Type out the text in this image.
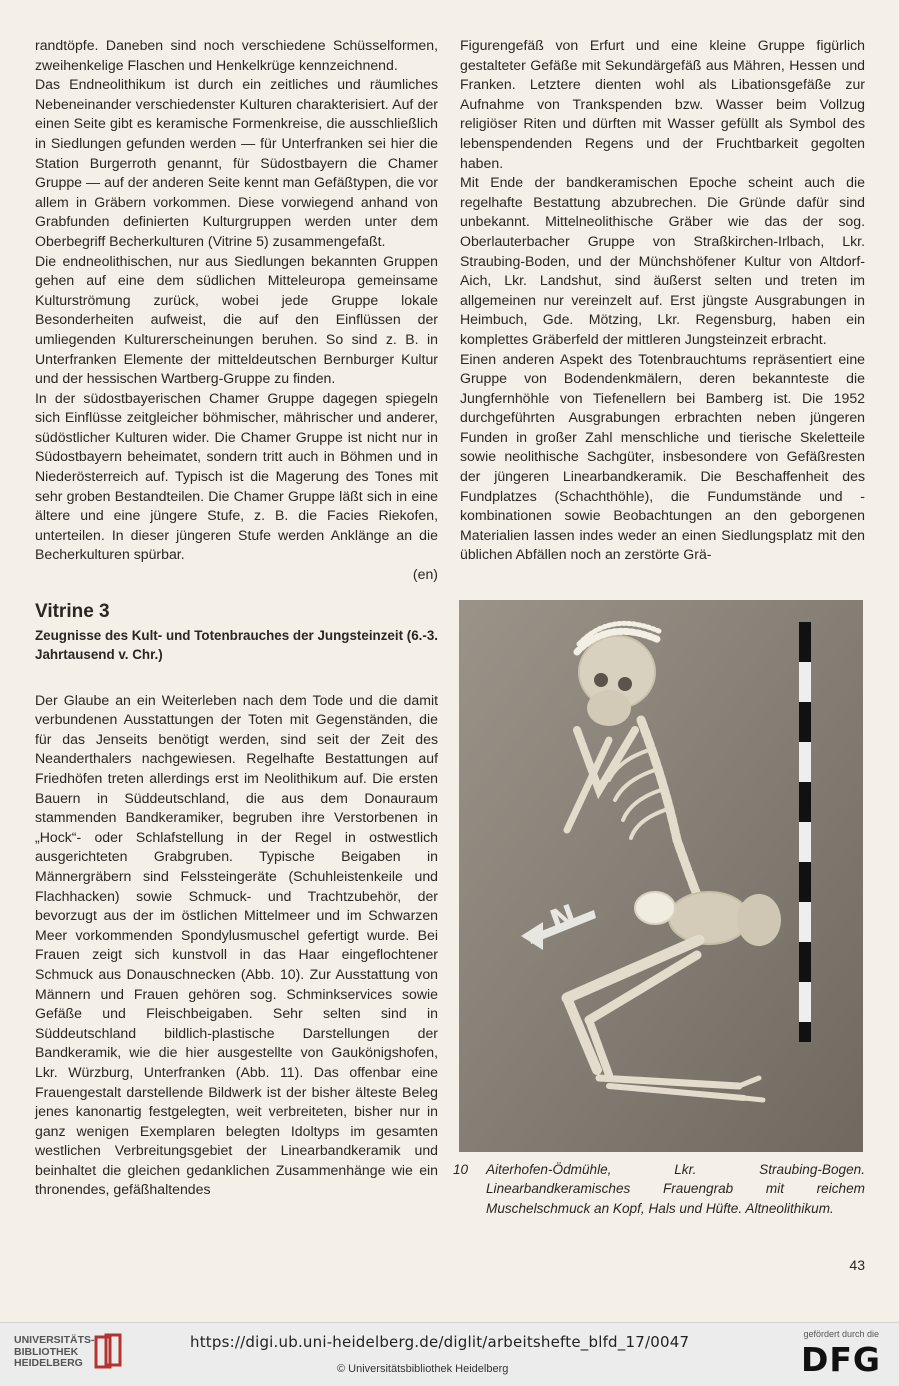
randtöpfe. Daneben sind noch verschiedene Schüsselformen, zweihenkelige Flaschen und Henkelkrüge kennzeichnend.

Das Endneolithikum ist durch ein zeitliches und räumliches Nebeneinander verschiedenster Kulturen charakterisiert. Auf der einen Seite gibt es keramische Formenkreise, die ausschließlich in Siedlungen gefunden werden — für Unterfranken sei hier die Station Burgerroth genannt, für Südostbayern die Chamer Gruppe — auf der anderen Seite kennt man Gefäßtypen, die vor allem in Gräbern vorkommen. Diese vorwiegend anhand von Grabfunden definierten Kulturgruppen werden unter dem Oberbegriff Becherkulturen (Vitrine 5) zusammengefaßt.

Die endneolithischen, nur aus Siedlungen bekannten Gruppen gehen auf eine dem südlichen Mitteleuropa gemeinsame Kulturströmung zurück, wobei jede Gruppe lokale Besonderheiten aufweist, die auf den Einflüssen der umliegenden Kulturerscheinungen beruhen. So sind z. B. in Unterfranken Elemente der mitteldeutschen Bernburger Kultur und der hessischen Wartberg-Gruppe zu finden.

In der südostbayerischen Chamer Gruppe dagegen spiegeln sich Einflüsse zeitgleicher böhmischer, mährischer und anderer, südöstlicher Kulturen wider. Die Chamer Gruppe ist nicht nur in Südostbayern beheimatet, sondern tritt auch in Böhmen und in Niederösterreich auf. Typisch ist die Magerung des Tones mit sehr groben Bestandteilen. Die Chamer Gruppe läßt sich in eine ältere und eine jüngere Stufe, z. B. die Facies Riekofen, unterteilen. In dieser jüngeren Stufe werden Anklänge an die Becherkulturen spürbar.

(en)

Vitrine 3
Zeugnisse des Kult- und Totenbrauches der Jungsteinzeit (6.-3. Jahrtausend v. Chr.)

Der Glaube an ein Weiterleben nach dem Tode und die damit verbundenen Ausstattungen der Toten mit Gegenständen, die für das Jenseits benötigt werden, sind seit der Zeit des Neanderthalers nachgewiesen. Regelhafte Bestattungen auf Friedhöfen treten allerdings erst im Neolithikum auf. Die ersten Bauern in Süddeutschland, die aus dem Donauraum stammenden Bandkeramiker, begruben ihre Verstorbenen in „Hock“- oder Schlafstellung in der Regel in ostwestlich ausgerichteten Grabgruben. Typische Beigaben in Männergräbern sind Felssteingeräte (Schuhleistenkeile und Flachhacken) sowie Schmuck- und Trachtzubehör, der bevorzugt aus der im östlichen Mittelmeer und im Schwarzen Meer vorkommenden Spondylusmuschel gefertigt wurde. Bei Frauen zeigt sich kunstvoll in das Haar eingeflochtener Schmuck aus Donauschnecken (Abb. 10). Zur Ausstattung von Männern und Frauen gehören sog. Schminkservices sowie Gefäße und Fleischbeigaben. Sehr selten sind in Süddeutschland bildlich-plastische Darstellungen der Bandkeramik, wie die hier ausgestellte von Gaukönigshofen, Lkr. Würzburg, Unterfranken (Abb. 11). Das offenbar eine Frauengestalt darstellende Bildwerk ist der bisher älteste Beleg jenes kanonartig festgelegten, weit verbreiteten, bisher nur in ganz wenigen Exemplaren belegten Idoltyps im gesamten westlichen Verbreitungsgebiet der Linearbandkeramik und beinhaltet die gleichen gedanklichen Zusammenhänge wie ein thronendes, gefäßhaltendes

Figurengefäß von Erfurt und eine kleine Gruppe figürlich gestalteter Gefäße mit Sekundärgefäß aus Mähren, Hessen und Franken. Letztere dienten wohl als Libationsgefäße zur Aufnahme von Trankspenden bzw. Wasser beim Vollzug religiöser Riten und dürften mit Wasser gefüllt als Symbol des lebenspendenden Regens und der Fruchtbarkeit gegolten haben.

Mit Ende der bandkeramischen Epoche scheint auch die regelhafte Bestattung abzubrechen. Die Gründe dafür sind unbekannt. Mittelneolithische Gräber wie das der sog. Oberlauterbacher Gruppe von Straßkirchen-Irlbach, Lkr. Straubing-Boden, und der Münchshöfener Kultur von Altdorf-Aich, Lkr. Landshut, sind äußerst selten und treten im allgemeinen nur vereinzelt auf. Erst jüngste Ausgrabungen in Heimbuch, Gde. Mötzing, Lkr. Regensburg, haben ein komplettes Gräberfeld der mittleren Jungsteinzeit erbracht.

Einen anderen Aspekt des Totenbrauchtums repräsentiert eine Gruppe von Bodendenkmälern, deren bekannteste die Jungfernhöhle von Tiefenellern bei Bamberg ist. Die 1952 durchgeführten Ausgrabungen erbrachten neben jüngeren Funden in großer Zahl menschliche und tierische Skeletteile sowie neolithische Sachgüter, insbesondere von Gefäßresten der jüngeren Linearbandkeramik. Die Beschaffenheit des Fundplatzes (Schachthöhle), die Fundumstände und -kombinationen sowie Beobachtungen an den geborgenen Materialien lassen indes weder an einen Siedlungsplatz mit den üblichen Abfällen noch an zerstörte Grä-

N
10 Aiterhofen-Ödmühle, Lkr. Straubing-Bogen. Linearbandkeramisches Frauengrab mit reichem Muschelschmuck an Kopf, Hals und Hüfte. Altneolithikum.
43
UNIVERSITÄTS-
BIBLIOTHEK
HEIDELBERG
https://digi.ub.uni-heidelberg.de/diglit/arbeitshefte_blfd_17/0047
© Universitätsbibliothek Heidelberg
gefördert durch die
DFG
